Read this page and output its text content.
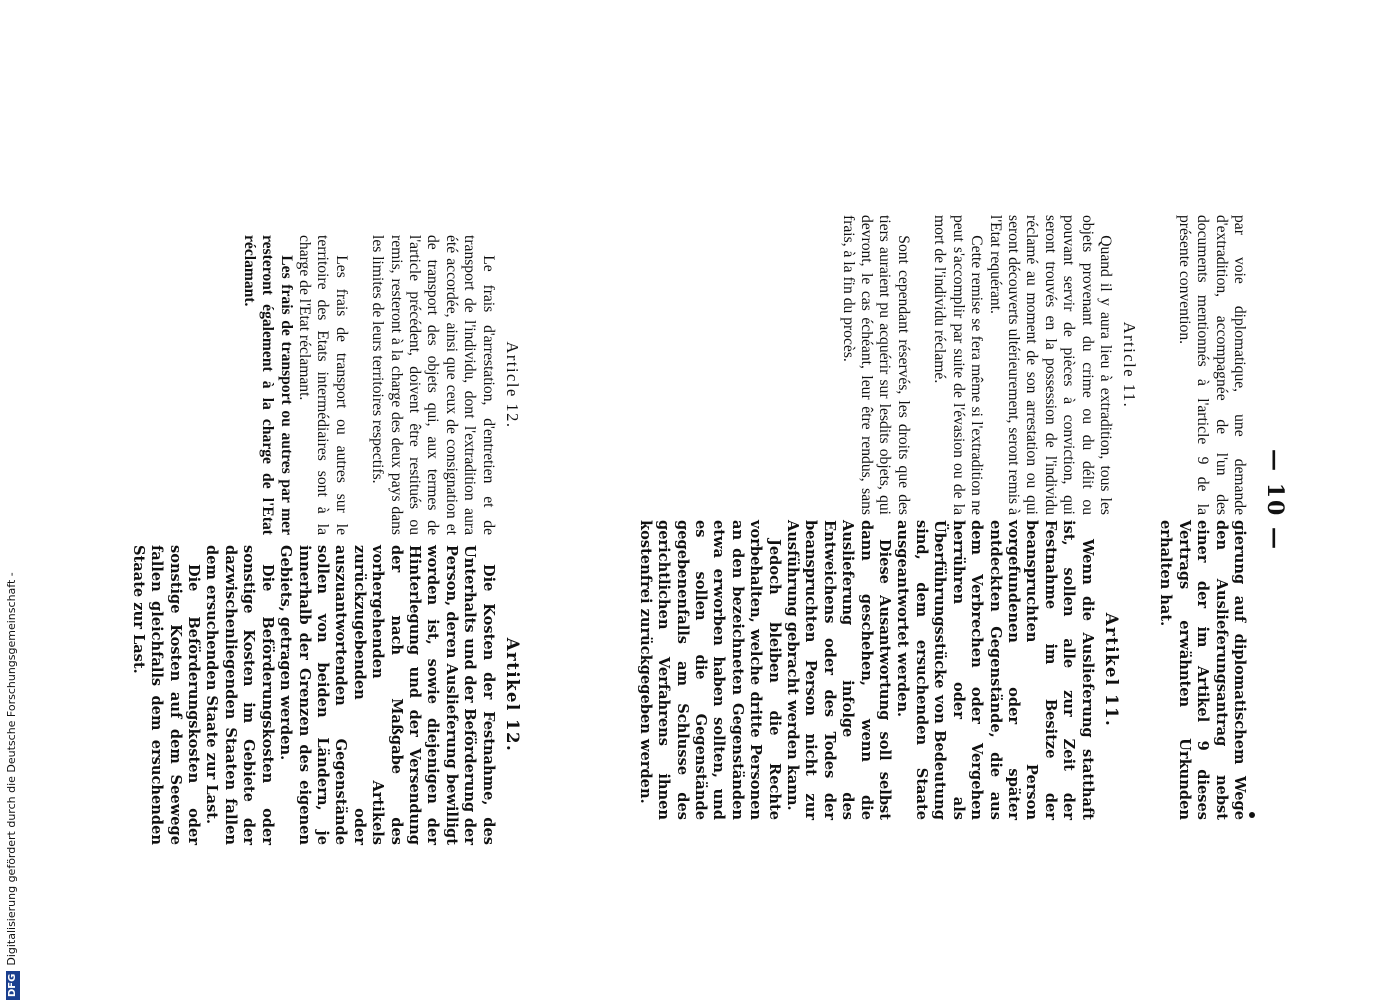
— 10 —

par voie diplomatique, une demande d'extradition, accompagnée de l'un des documents mentionnés à l'article 9 de la présente convention.

Article 11.

Quand il y aura lieu à extradition, tous les objets provenant du crime ou du délit ou pouvant servir de pièces à conviction, qui seront trouvés en la possession de l'individu réclamé au moment de son arrestation ou qui seront découverts ultérieurement, seront remis à l'Etat requérant.

Cette remise se fera même si l'extradition ne peut s'accomplir par suite de l'évasion ou de la mort de l'individu réclamé.

Sont cependant réservés, les droits que des tiers auraient pu acquérir sur lesdits objets, qui devront, le cas échéant, leur être rendus, sans frais, à la fin du procès.

Article 12.

Le frais d'arrestation, d'entretien et de transport de l'individu, dont l'extradition aura été accordée, ainsi que ceux de consignation et de transport des objets qui, aux termes de l'article précédent, doivent être restitués ou remis, resteront à la charge des deux pays dans les limites de leurs territoires respectifs.

Les frais de transport ou autres sur le territoire des Etats intermédiaires sont à la charge de l'Etat réclamant.

Les frais de transport ou autres par mer resteront également à la charge de l'Etat réclamant.

gierung auf diplomatischem Wege den Auslieferungsantrag nebst einer der im Artikel 9 dieses Vertrags erwähnten Urkunden erhalten hat.

Artikel 11.

Wenn die Auslieferung statthaft ist, sollen alle zur Zeit der Festnahme im Besitze der beanspruchten Person vorgefundenen oder später entdeckten Gegenstände, die aus dem Verbrechen oder Vergehen herrühren oder als Überführungsstücke von Bedeutung sind, dem ersuchenden Staate ausgeantwortet werden.

Diese Ausantwortung soll selbst dann geschehen, wenn die Auslieferung infolge des Entweichens oder des Todes der beanspruchten Person nicht zur Ausführung gebracht werden kann.

Jedoch bleiben die Rechte vorbehalten, welche dritte Personen an den bezeichneten Gegenständen etwa erworben haben sollten, und es sollen die Gegenstände gegebenenfalls am Schlusse des gerichtlichen Verfahrens ihnen kostenfrei zurückgegeben werden.

Artikel 12.

Die Kosten der Festnahme, des Unterhalts und der Beförderung der Person, deren Auslieferung bewilligt worden ist, sowie diejenigen der Hinterlegung und der Versendung der nach Maßgabe des vorhergehenden Artikels zurückzugebenden oder auszuantwortenden Gegenstände sollen von beiden Ländern, je innerhalb der Grenzen des eigenen Gebiets, getragen werden.

Die Beförderungskosten oder sonstige Kosten im Gebiete der dazwischenliegenden Staaten fallen dem ersuchenden Staate zur Last.

Die Beförderungskosten oder sonstige Kosten auf dem Seewege fallen gleichfalls dem ersuchenden Staate zur Last.

DFGDigitalisierung gefördert durch die Deutsche Forschungsgemeinschaft -
